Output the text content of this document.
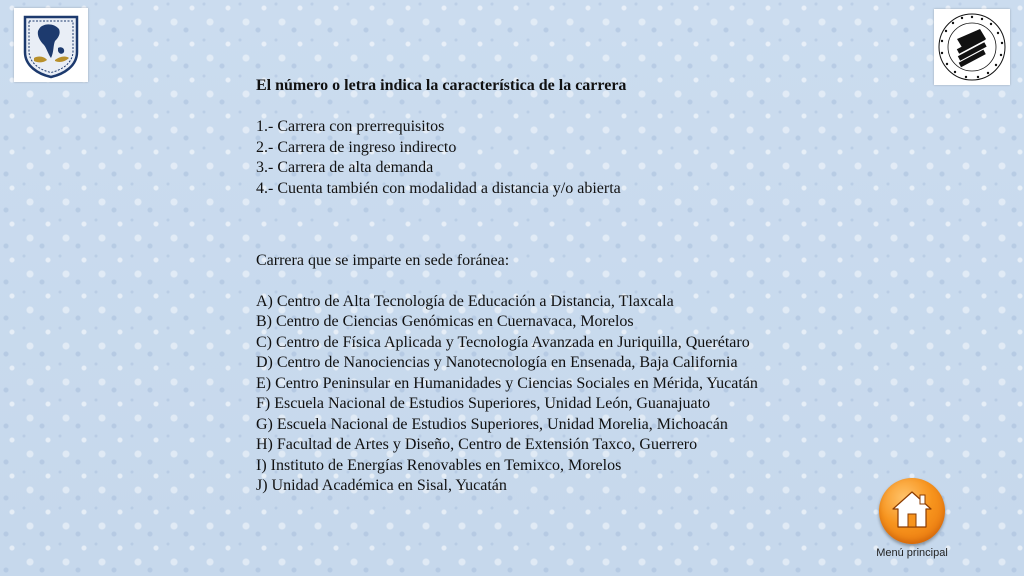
El número o letra indica la característica de la carrera

1.- Carrera con prerrequisitos

2.- Carrera de ingreso indirecto

3.- Carrera de alta demanda

4.- Cuenta también con modalidad a distancia y/o abierta

Carrera que se imparte en sede foránea:

A) Centro de Alta Tecnología de Educación a Distancia, Tlaxcala

B) Centro de Ciencias Genómicas en Cuernavaca, Morelos

C) Centro de Física Aplicada y Tecnología Avanzada en Juriquilla, Querétaro

D) Centro de Nanociencias y Nanotecnología en Ensenada, Baja California

E) Centro Peninsular en Humanidades y Ciencias Sociales en Mérida, Yucatán

F) Escuela Nacional de Estudios Superiores, Unidad León, Guanajuato

G) Escuela Nacional de Estudios Superiores, Unidad Morelia, Michoacán

H) Facultad de Artes y Diseño, Centro de Extensión Taxco, Guerrero

I) Instituto de Energías Renovables en Temixco, Morelos

J) Unidad Académica en Sisal, Yucatán

Menú principal
